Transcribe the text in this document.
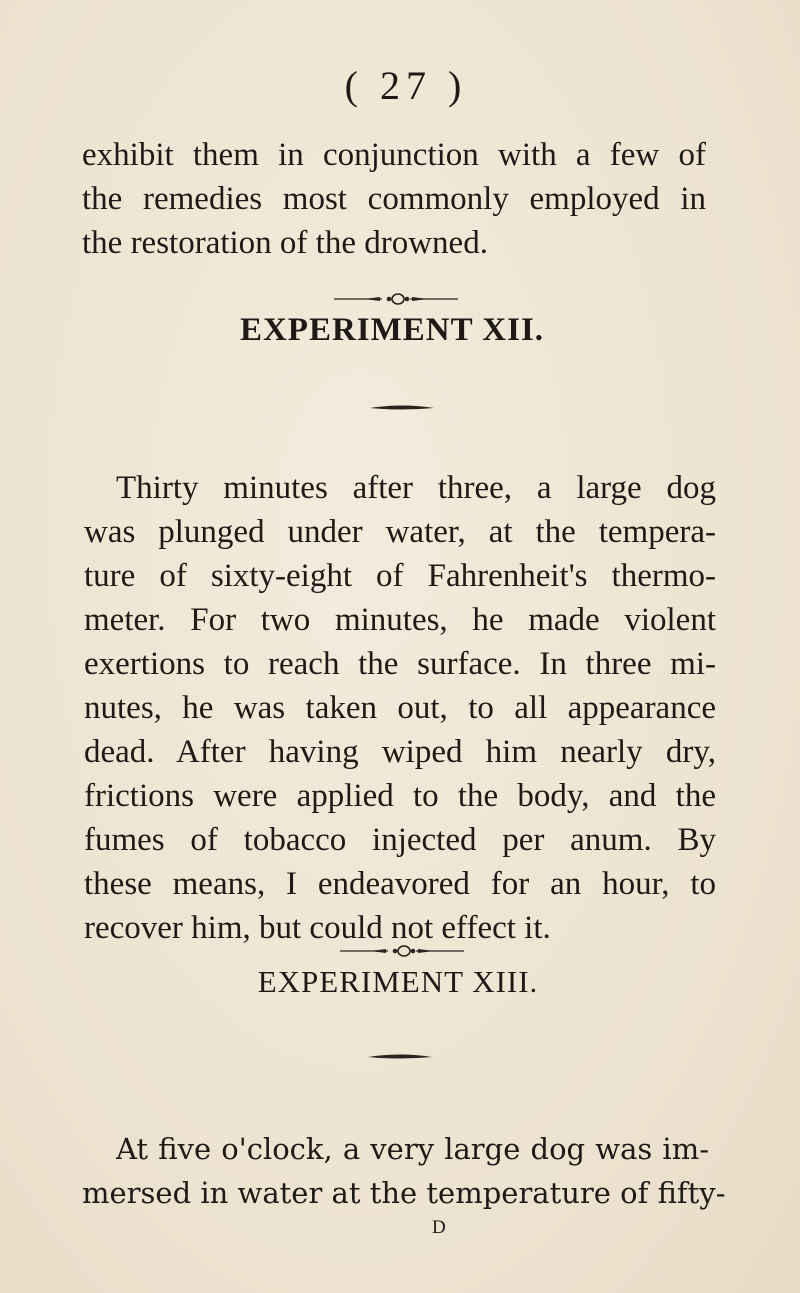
( 27 )
exhibit them in conjunction with a few of
the remedies most commonly employed in
the restoration of the drowned.
EXPERIMENT XII.
Thirty minutes after three, a large dog
was plunged under water, at the tempera-
ture of sixty-eight of Fahrenheit's thermo-
meter. For two minutes, he made violent
exertions to reach the surface. In three mi-
nutes, he was taken out, to all appearance
dead. After having wiped him nearly dry,
frictions were applied to the body, and the
fumes of tobacco injected per anum. By
these means, I endeavored for an hour, to
recover him, but could not effect it.
EXPERIMENT XIII.
At five o'clock, a very large dog was im-
mersed in water at the temperature of fifty-
D
